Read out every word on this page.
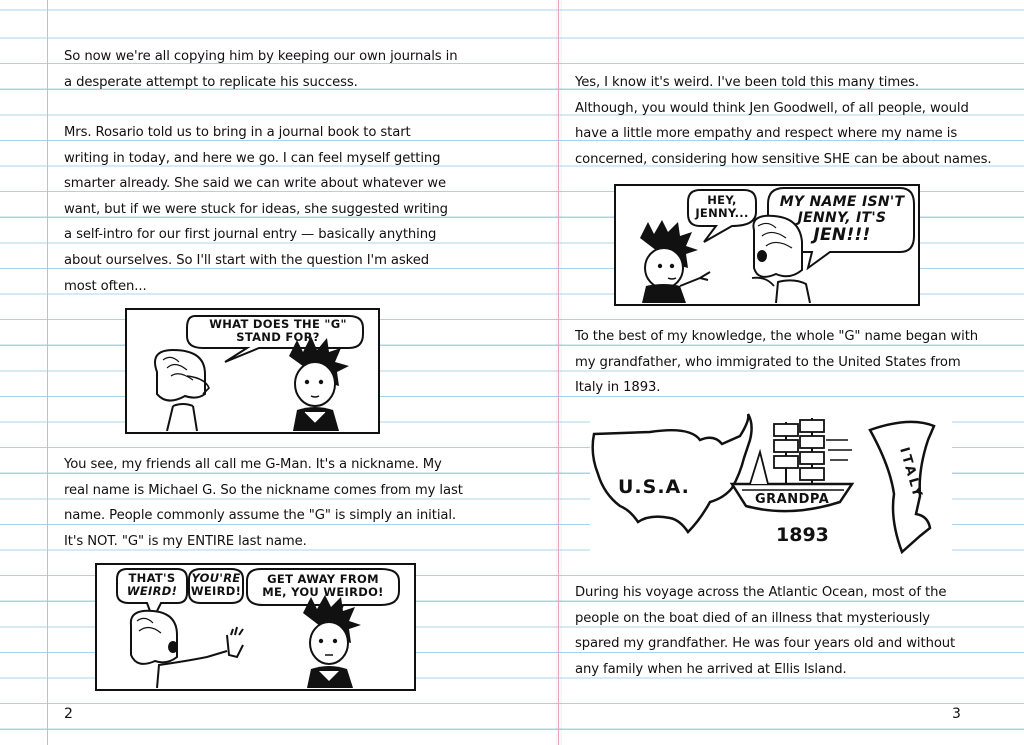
So now we're all copying him by keeping our own journals in
a desperate attempt to replicate his success.
Mrs. Rosario told us to bring in a journal book to start
writing in today, and here we go. I can feel myself getting
smarter already. She said we can write about whatever we
want, but if we were stuck for ideas, she suggested writing
a self-intro for our first journal entry — basically anything
about ourselves. So I'll start with the question I'm asked
most often...
WHAT DOES THE "G"
STAND FOR?
You see, my friends all call me G-Man. It's a nickname. My
real name is Michael G. So the nickname comes from my last
name. People commonly assume the "G" is simply an initial.
It's NOT. "G" is my ENTIRE last name.
THAT'S
WEIRD!
YOU'RE
WEIRD!
GET AWAY FROM
ME, YOU WEIRDO!
2
Yes, I know it's weird. I've been told this many times.
Although, you would think Jen Goodwell, of all people, would
have a little more empathy and respect where my name is
concerned, considering how sensitive SHE can be about names.
HEY,
JENNY...
MY NAME ISN'T
JENNY, IT'S
JEN!!!
To the best of my knowledge, the whole "G" name began with
my grandfather, who immigrated to the United States from
Italy in 1893.
U.S.A.
GRANDPA
1893
ITALY
During his voyage across the Atlantic Ocean, most of the
people on the boat died of an illness that mysteriously
spared my grandfather. He was four years old and without
any family when he arrived at Ellis Island.
3
